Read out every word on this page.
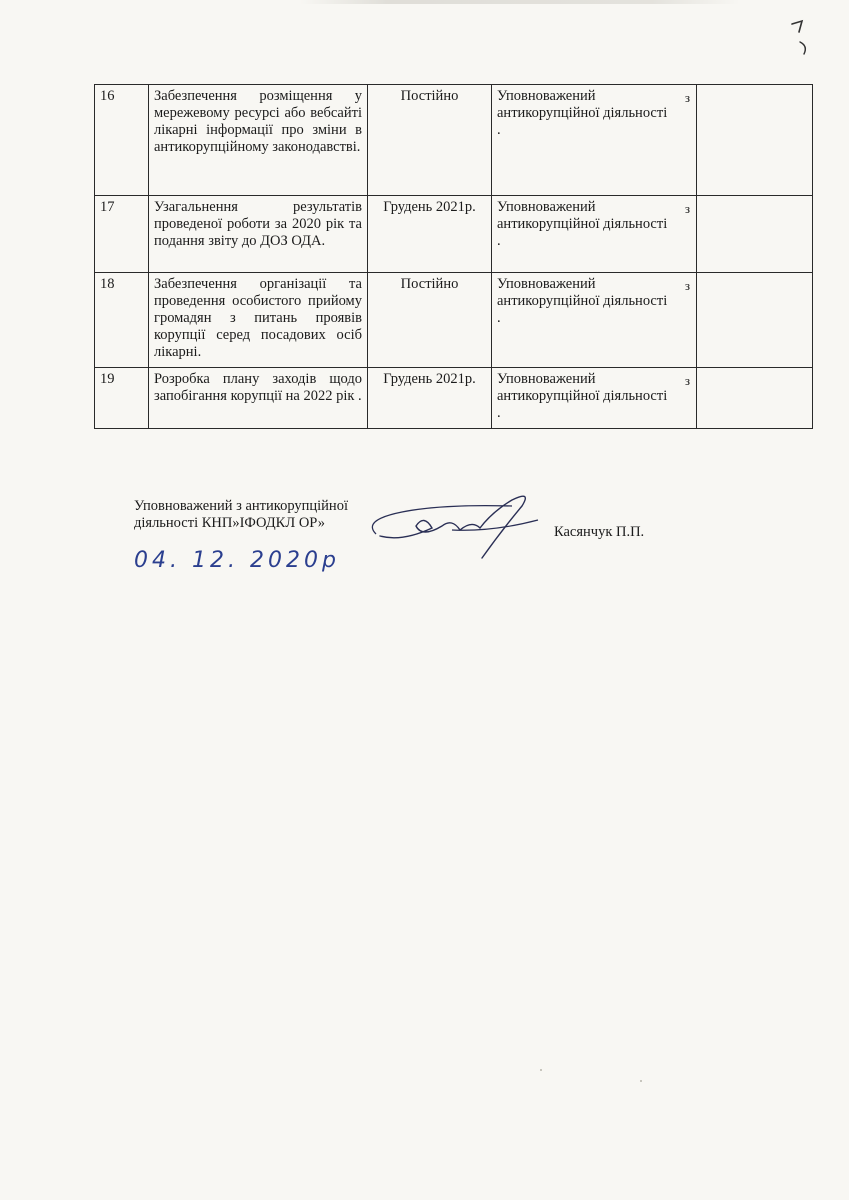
16	Забезпечення розміщення у мережевому ресурсі або вебсайті лікарні інформації про зміни в антикорупційному законодавстві.	Постійно	Уповноважений антикорупційної діяльності .
з	

17	Узагальнення результатів проведеної роботи за 2020 рік та подання звіту до ДОЗ ОДА.	Грудень 2021р.	Уповноважений антикорупційної діяльності .
з	

18	Забезпечення організації та проведення особистого прийому громадян з питань проявів корупції серед посадових осіб лікарні.	Постійно	Уповноважений антикорупційної діяльності .
з	

19	Розробка плану заходів щодо запобігання корупції на 2022 рік .	Грудень 2021р.	Уповноважений антикорупційної діяльності .
з	

Уповноважений з антикорупційної
діяльності КНП»ІФОДКЛ ОР»
Касянчук П.П.
04. 12. 2020р
